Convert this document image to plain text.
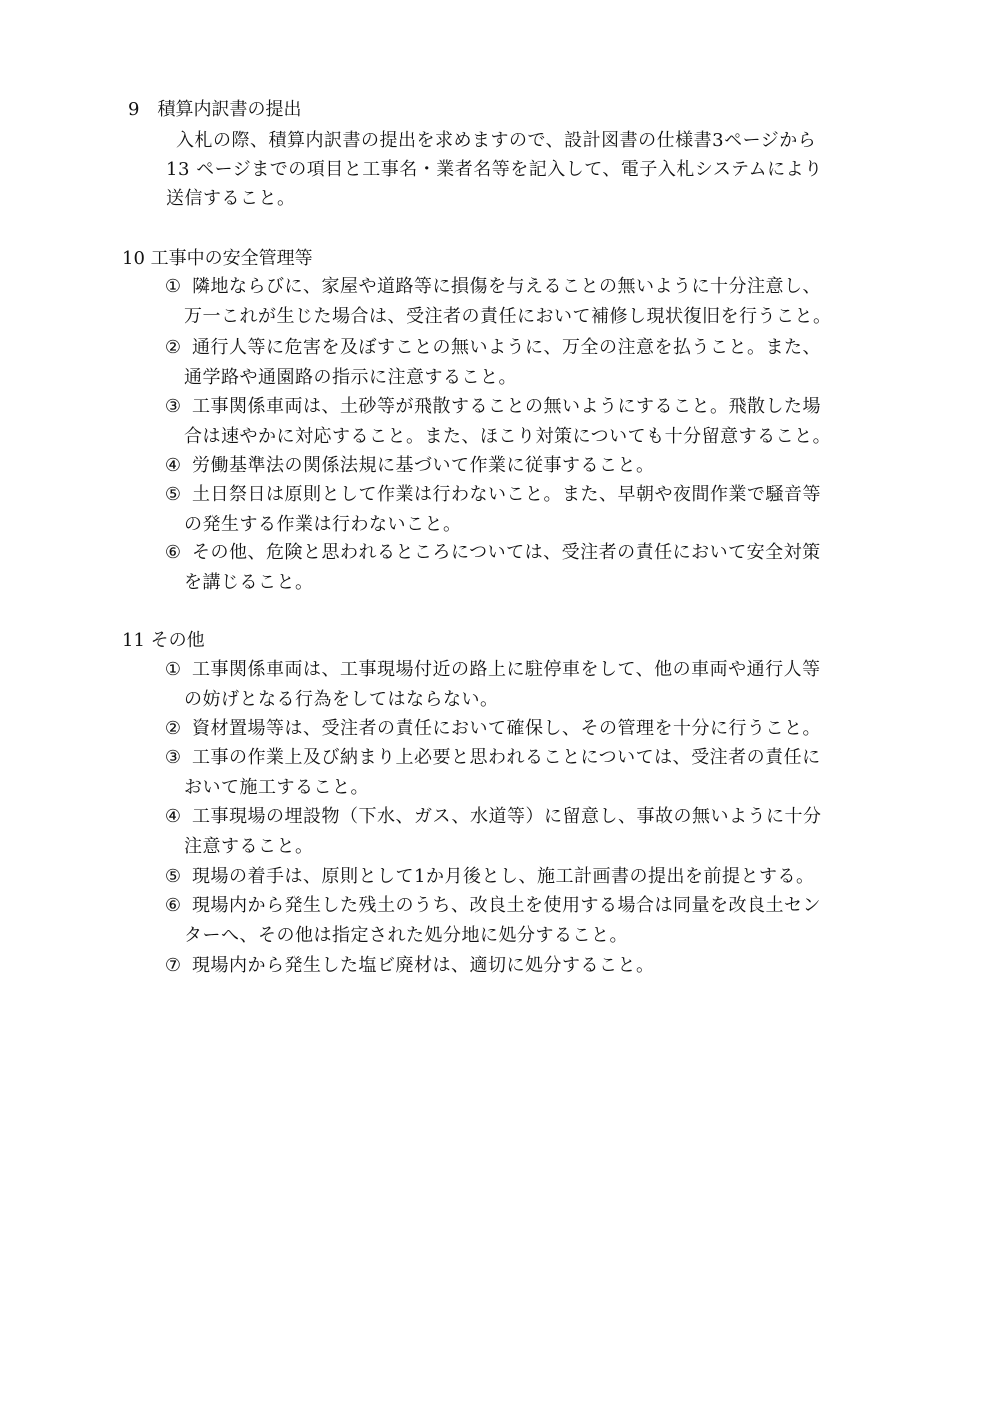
9　積算内訳書の提出
入札の際、積算内訳書の提出を求めますので、設計図書の仕様書3ページから
13 ページまでの項目と工事名・業者名等を記入して、電子入札システムにより
送信すること。
10 工事中の安全管理等
① 隣地ならびに、家屋や道路等に損傷を与えることの無いように十分注意し、
万一これが生じた場合は、受注者の責任において補修し現状復旧を行うこと。
② 通行人等に危害を及ぼすことの無いように、万全の注意を払うこと。また、
通学路や通園路の指示に注意すること。
③ 工事関係車両は、土砂等が飛散することの無いようにすること。飛散した場
合は速やかに対応すること。また、ほこり対策についても十分留意すること。
④ 労働基準法の関係法規に基づいて作業に従事すること。
⑤ 土日祭日は原則として作業は行わないこと。また、早朝や夜間作業で騒音等
の発生する作業は行わないこと。
⑥ その他、危険と思われるところについては、受注者の責任において安全対策
を講じること。
11 その他
① 工事関係車両は、工事現場付近の路上に駐停車をして、他の車両や通行人等
の妨げとなる行為をしてはならない。
② 資材置場等は、受注者の責任において確保し、その管理を十分に行うこと。
③ 工事の作業上及び納まり上必要と思われることについては、受注者の責任に
おいて施工すること。
④ 工事現場の埋設物（下水、ガス、水道等）に留意し、事故の無いように十分
注意すること。
⑤ 現場の着手は、原則として1か月後とし、施工計画書の提出を前提とする。
⑥ 現場内から発生した残土のうち、改良土を使用する場合は同量を改良土セン
ターへ、その他は指定された処分地に処分すること。
⑦ 現場内から発生した塩ビ廃材は、適切に処分すること。
